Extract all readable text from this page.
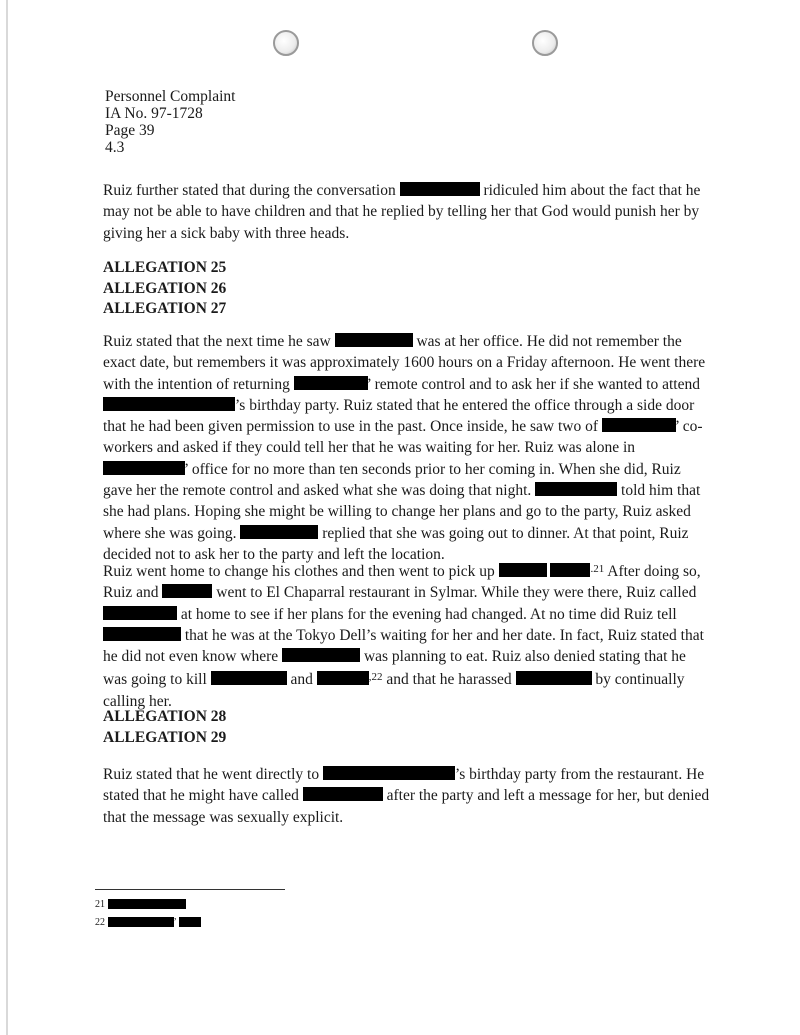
Personnel Complaint
IA No. 97-1728
Page 39
4.3
Ruiz further stated that during the conversation	ridiculed him about the fact that he may not be able to have children and that he replied by telling her that God would punish her by giving her a sick baby with three heads.
ALLEGATION 25
ALLEGATION 26
ALLEGATION 27
Ruiz stated that the next time he saw	was at her office. He did not remember the exact date, but remembers it was approximately 1600 hours on a Friday afternoon. He went there with the intention of returning	’ remote control and to ask her if she wanted to attend ’s birthday party. Ruiz stated that he entered the office through a side door that he had been given permission to use in the past. Once inside, he saw two of	’ co-workers and asked if they could tell her that he was waiting for her. Ruiz was alone in ’ office for no more than ten seconds prior to her coming in. When she did, Ruiz gave her the remote control and asked what she was doing that night.	told him that she had plans. Hoping she might be willing to change her plans and go to the party, Ruiz asked where she was going.	replied that she was going out to dinner. At that point, Ruiz decided not to ask her to the party and left the location.
Ruiz went home to change his clothes and then went to pick up	$^{.21}$ After doing so, Ruiz and	went to El Chaparral restaurant in Sylmar. While they were there, Ruiz called  at home to see if her plans for the evening had changed. At no time did Ruiz tell  that he was at the Tokyo Dell’s waiting for her and her date. In fact, Ruiz stated that he did not even know where	was planning to eat. Ruiz also denied stating that he was going to kill	and	$^{,22}$ and that he harassed	by continually calling her.
ALLEGATION 28
ALLEGATION 29
Ruiz stated that he went directly to	’s birthday party from the restaurant. He stated that he might have called	after the party and left a message for her, but denied that the message was sexually explicit.
21
22	’
